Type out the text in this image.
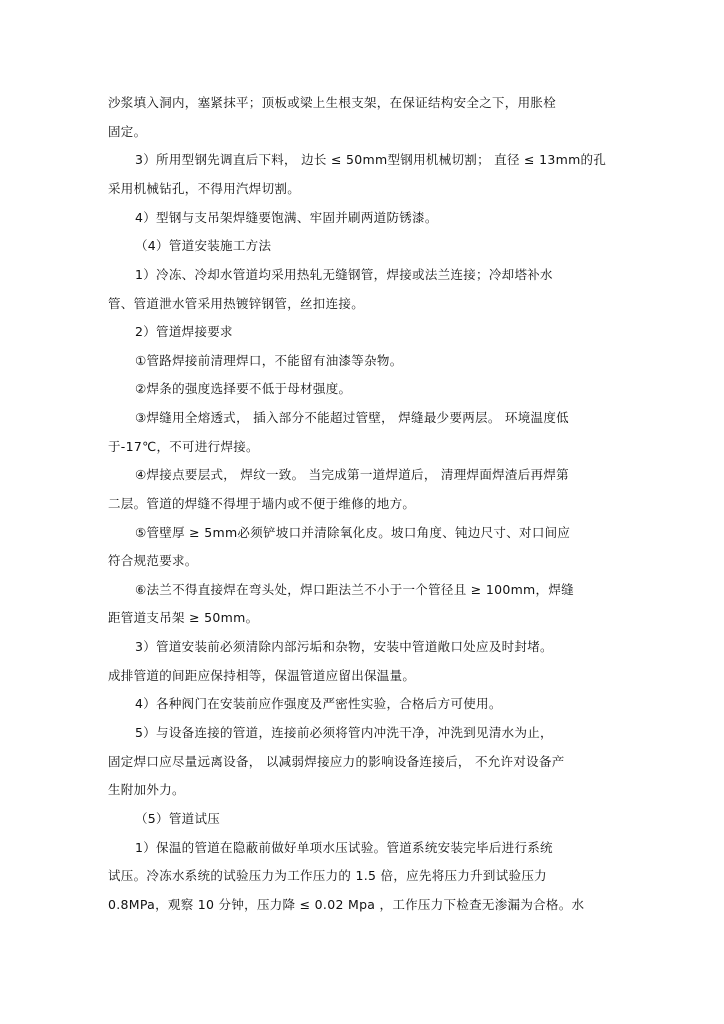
沙浆填入洞内，塞紧抹平；顶板或梁上生根支架，在保证结构安全之下，用胀栓
固定。
3）所用型钢先调直后下料， 边长 ≤ 50mm型钢用机械切割； 直径 ≤ 13mm的孔
采用机械钻孔，不得用汽焊切割。
4）型钢与支吊架焊缝要饱满、牢固并刷两道防锈漆。
（4）管道安装施工方法
1）冷冻、冷却水管道均采用热轧无缝钢管，焊接或法兰连接；冷却塔补水
管、管道泄水管采用热镀锌钢管，丝扣连接。
2）管道焊接要求
①管路焊接前清理焊口，不能留有油漆等杂物。
②焊条的强度选择要不低于母材强度。
③焊缝用全熔透式， 插入部分不能超过管壁， 焊缝最少要两层。 环境温度低
于-17℃，不可进行焊接。
④焊接点要层式， 焊纹一致。 当完成第一道焊道后， 清理焊面焊渣后再焊第
二层。管道的焊缝不得埋于墙内或不便于维修的地方。
⑤管壁厚 ≥ 5mm必须铲坡口并清除氧化皮。坡口角度、钝边尺寸、对口间应
符合规范要求。
⑥法兰不得直接焊在弯头处，焊口距法兰不小于一个管径且 ≥ 100mm，焊缝
距管道支吊架 ≥ 50mm。
3）管道安装前必须清除内部污垢和杂物，安装中管道敞口处应及时封堵。
成排管道的间距应保持相等，保温管道应留出保温量。
4）各种阀门在安装前应作强度及严密性实验，合格后方可使用。
5）与设备连接的管道，连接前必须将管内冲洗干净，冲洗到见清水为止，
固定焊口应尽量远离设备， 以减弱焊接应力的影响设备连接后， 不允许对设备产
生附加外力。
（5）管道试压
1）保温的管道在隐蔽前做好单项水压试验。管道系统安装完毕后进行系统
试压。冷冻水系统的试验压力为工作压力的 1.5 倍，应先将压力升到试验压力
0.8MPa，观察 10 分钟，压力降 ≤ 0.02 Mpa ，工作压力下检查无渗漏为合格。水
